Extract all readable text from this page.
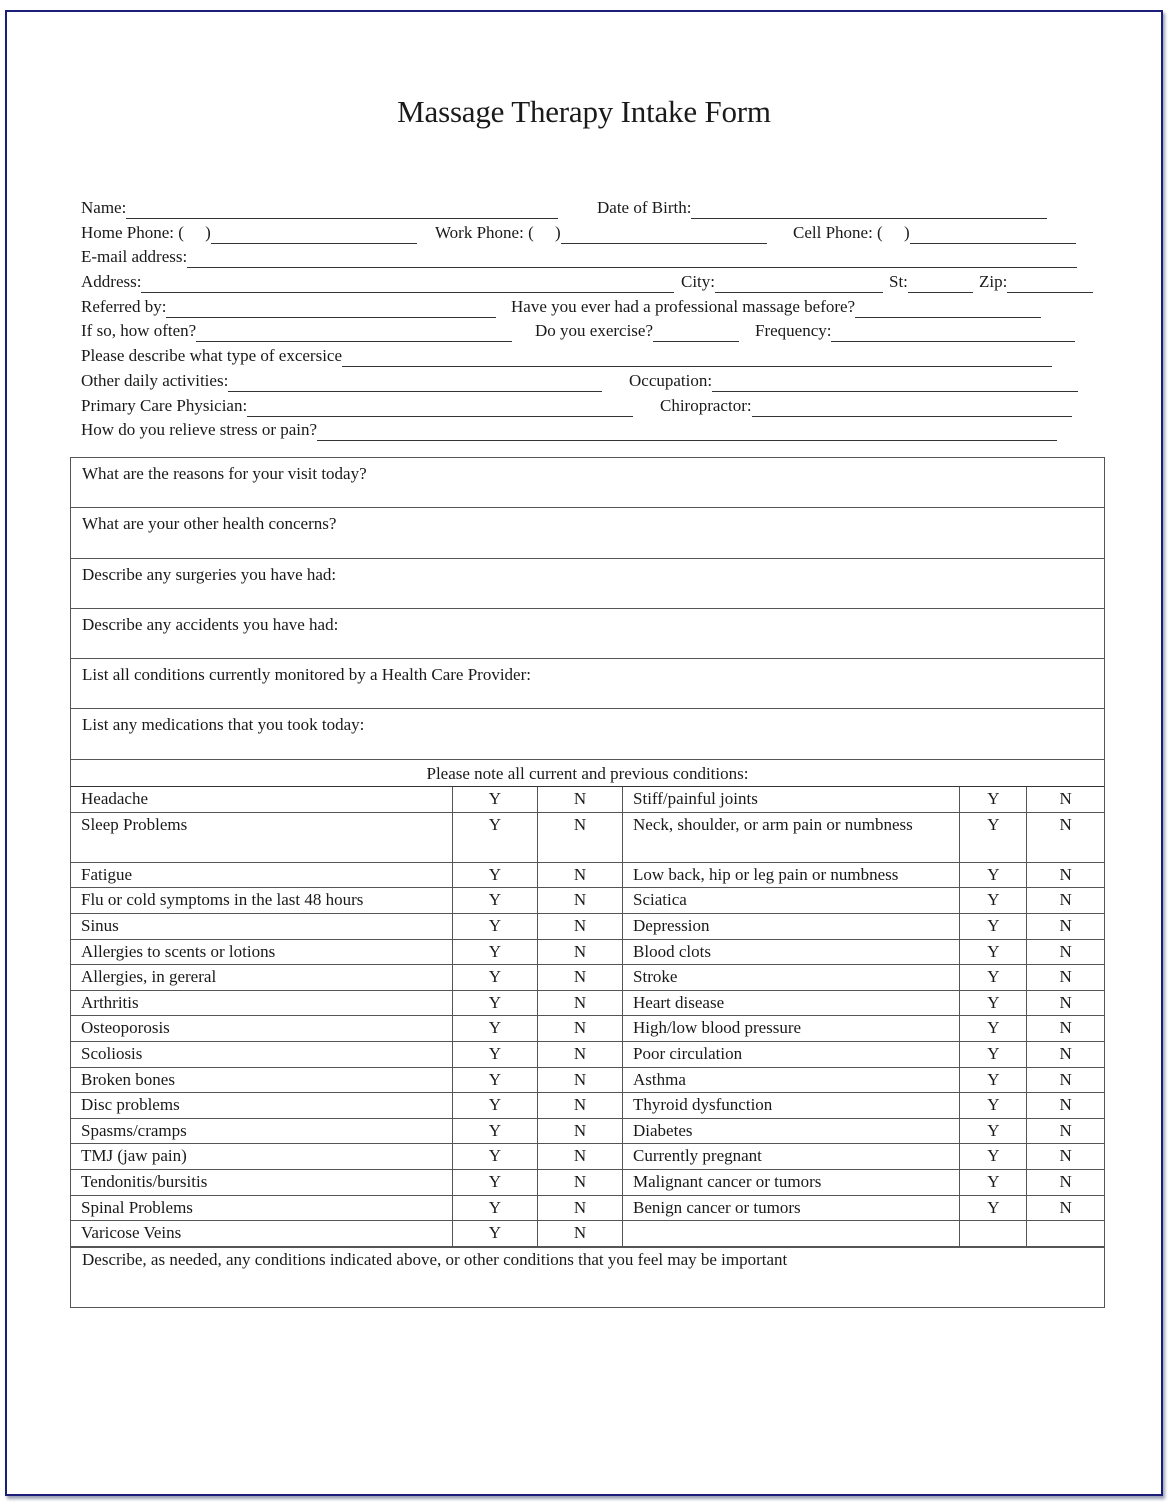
Massage Therapy Intake Form
Name:	Date of Birth:
Home Phone: (     )	Work Phone: (     )	Cell Phone: (     )
E-mail address:
Address:	City:	St:	Zip:
Referred by:	Have you ever had a professional massage before?
If so, how often?	Do you exercise?	Frequency:
Please describe what type of excersice
Other daily activities:	Occupation:
Primary Care Physician:	Chiropractor:
How do you relieve stress or pain?
What are the reasons for your visit today?
What are your other health concerns?
Describe any surgeries you have had:
Describe any accidents you have had:
List all conditions currently monitored by a Health Care Provider:
List any medications that you took today:
Please note all current and previous conditions:
Headache	Y	N	Stiff/painful joints	Y	N
Sleep Problems	Y	N	Neck, shoulder, or arm pain or numbness	Y	N
Fatigue	Y	N	Low back, hip or leg pain or numbness	Y	N
Flu or cold symptoms in the last 48 hours	Y	N	Sciatica	Y	N
Sinus	Y	N	Depression	Y	N
Allergies to scents or lotions	Y	N	Blood clots	Y	N
Allergies, in gereral	Y	N	Stroke	Y	N
Arthritis	Y	N	Heart disease	Y	N
Osteoporosis	Y	N	High/low blood pressure	Y	N
Scoliosis	Y	N	Poor circulation	Y	N
Broken bones	Y	N	Asthma	Y	N
Disc problems	Y	N	Thyroid dysfunction	Y	N
Spasms/cramps	Y	N	Diabetes	Y	N
TMJ (jaw pain)	Y	N	Currently pregnant	Y	N
Tendonitis/bursitis	Y	N	Malignant cancer or tumors	Y	N
Spinal Problems	Y	N	Benign cancer or tumors	Y	N
Varicose Veins	Y	N			
Describe, as needed, any conditions indicated above, or other conditions that you feel may be important
